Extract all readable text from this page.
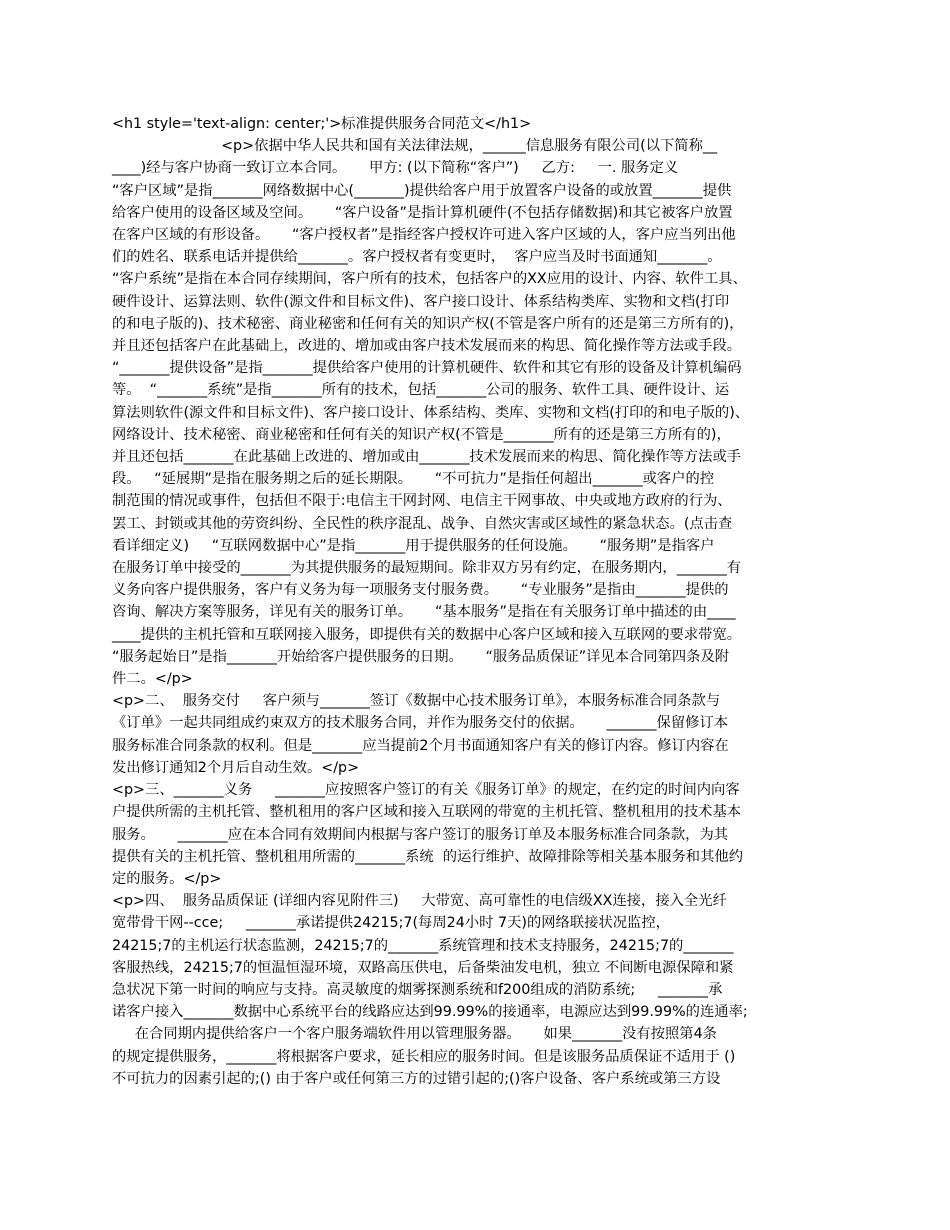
<h1 style='text-align: center;'>标准提供服务合同范文</h1>
<p>依据中华人民共和国有关法律法规，______信息服务有限公司(以下简称__
____)经与客户协商一致订立本合同。     甲方: (以下简称“客户”)     乙方:     一. 服务定义
“客户区域”是指_______网络数据中心(_______)提供给客户用于放置客户设备的或放置_______提供
给客户使用的设备区域及空间。     “客户设备”是指计算机硬件(不包括存储数据)和其它被客户放置
在客户区域的有形设备。     “客户授权者”是指经客户授权许可进入客户区域的人，客户应当列出他
们的姓名、联系电话并提供给_______。客户授权者有变更时，  客户应当及时书面通知_______。
“客户系统”是指在本合同存续期间，客户所有的技术，包括客户的XX应用的设计、内容、软件工具、
硬件设计、运算法则、软件(源文件和目标文件)、客户接口设计、体系结构类库、实物和文档(打印
的和电子版的)、技术秘密、商业秘密和任何有关的知识产权(不管是客户所有的还是第三方所有的)，
并且还包括客户在此基础上，改进的、增加或由客户技术发展而来的构思、简化操作等方法或手段。
“_______提供设备”是指_______提供给客户使用的计算机硬件、软件和其它有形的设备及计算机编码
等。  “_______系统”是指_______所有的技术，包括_______公司的服务、软件工具、硬件设计、运
算法则软件(源文件和目标文件)、客户接口设计、体系结构、类库、实物和文档(打印的和电子版的)、
网络设计、技术秘密、商业秘密和任何有关的知识产权(不管是_______所有的还是第三方所有的)，
并且还包括_______在此基础上改进的、增加或由_______技术发展而来的构思、简化操作等方法或手
段。   “延展期”是指在服务期之后的延长期限。     “不可抗力”是指任何超出_______或客户的控
制范围的情况或事件，包括但不限于:电信主干网封网、电信主干网事故、中央或地方政府的行为、
罢工、封锁或其他的劳资纠纷、全民性的秩序混乱、战争、自然灾害或区域性的紧急状态。(点击查
看详细定义)     “互联网数据中心”是指_______用于提供服务的任何设施。     “服务期”是指客户
在服务订单中接受的_______为其提供服务的最短期间。除非双方另有约定，在服务期内，_______有
义务向客户提供服务，客户有义务为每一项服务支付服务费。     “专业服务”是指由_______提供的
咨询、解决方案等服务，详见有关的服务订单。     “基本服务”是指在有关服务订单中描述的由____
____提供的主机托管和互联网接入服务，即提供有关的数据中心客户区域和接入互联网的要求带宽。
“服务起始日”是指_______开始给客户提供服务的日期。     “服务品质保证”详见本合同第四条及附
件二。</p>
<p>二、  服务交付     客户须与_______签订《数据中心技术服务订单》，本服务标准合同条款与
《订单》一起共同组成约束双方的技术服务合同，并作为服务交付的依据。     _______保留修订本
服务标准合同条款的权利。但是_______应当提前2个月书面通知客户有关的修订内容。修订内容在
发出修订通知2个月后自动生效。</p>
<p>三、_______义务     _______应按照客户签订的有关《服务订单》的规定，在约定的时间内向客
户提供所需的主机托管、整机租用的客户区域和接入互联网的带宽的主机托管、整机租用的技术基本
服务。     _______应在本合同有效期间内根据与客户签订的服务订单及本服务标准合同条款，为其
提供有关的主机托管、整机租用所需的_______系统  的运行维护、故障排除等相关基本服务和其他约
定的服务。</p>
<p>四、  服务品质保证 (详细内容见附件三)     大带宽、高可靠性的电信级XX连接，接入全光纤
宽带骨干网--cce;     _______承诺提供24215;7(每周24小时 7天)的网络联接状况监控，
24215;7的主机运行状态监测，24215;7的_______系统管理和技术支持服务，24215;7的_______
客服热线，24215;7的恒温恒湿环境，双路高压供电，后备柴油发电机，独立 不间断电源保障和紧
急状况下第一时间的响应与支持。高灵敏度的烟雾探测系统和f200组成的消防系统;     _______承
诺客户接入_______数据中心系统平台的线路应达到99.99%的接通率，电源应达到99.99%的连通率;
在合同期内提供给客户一个客户服务端软件用以管理服务器。     如果_______没有按照第4条
的规定提供服务，_______将根据客户要求，延长相应的服务时间。但是该服务品质保证不适用于 ()
不可抗力的因素引起的;() 由于客户或任何第三方的过错引起的;()客户设备、客户系统或第三方设
